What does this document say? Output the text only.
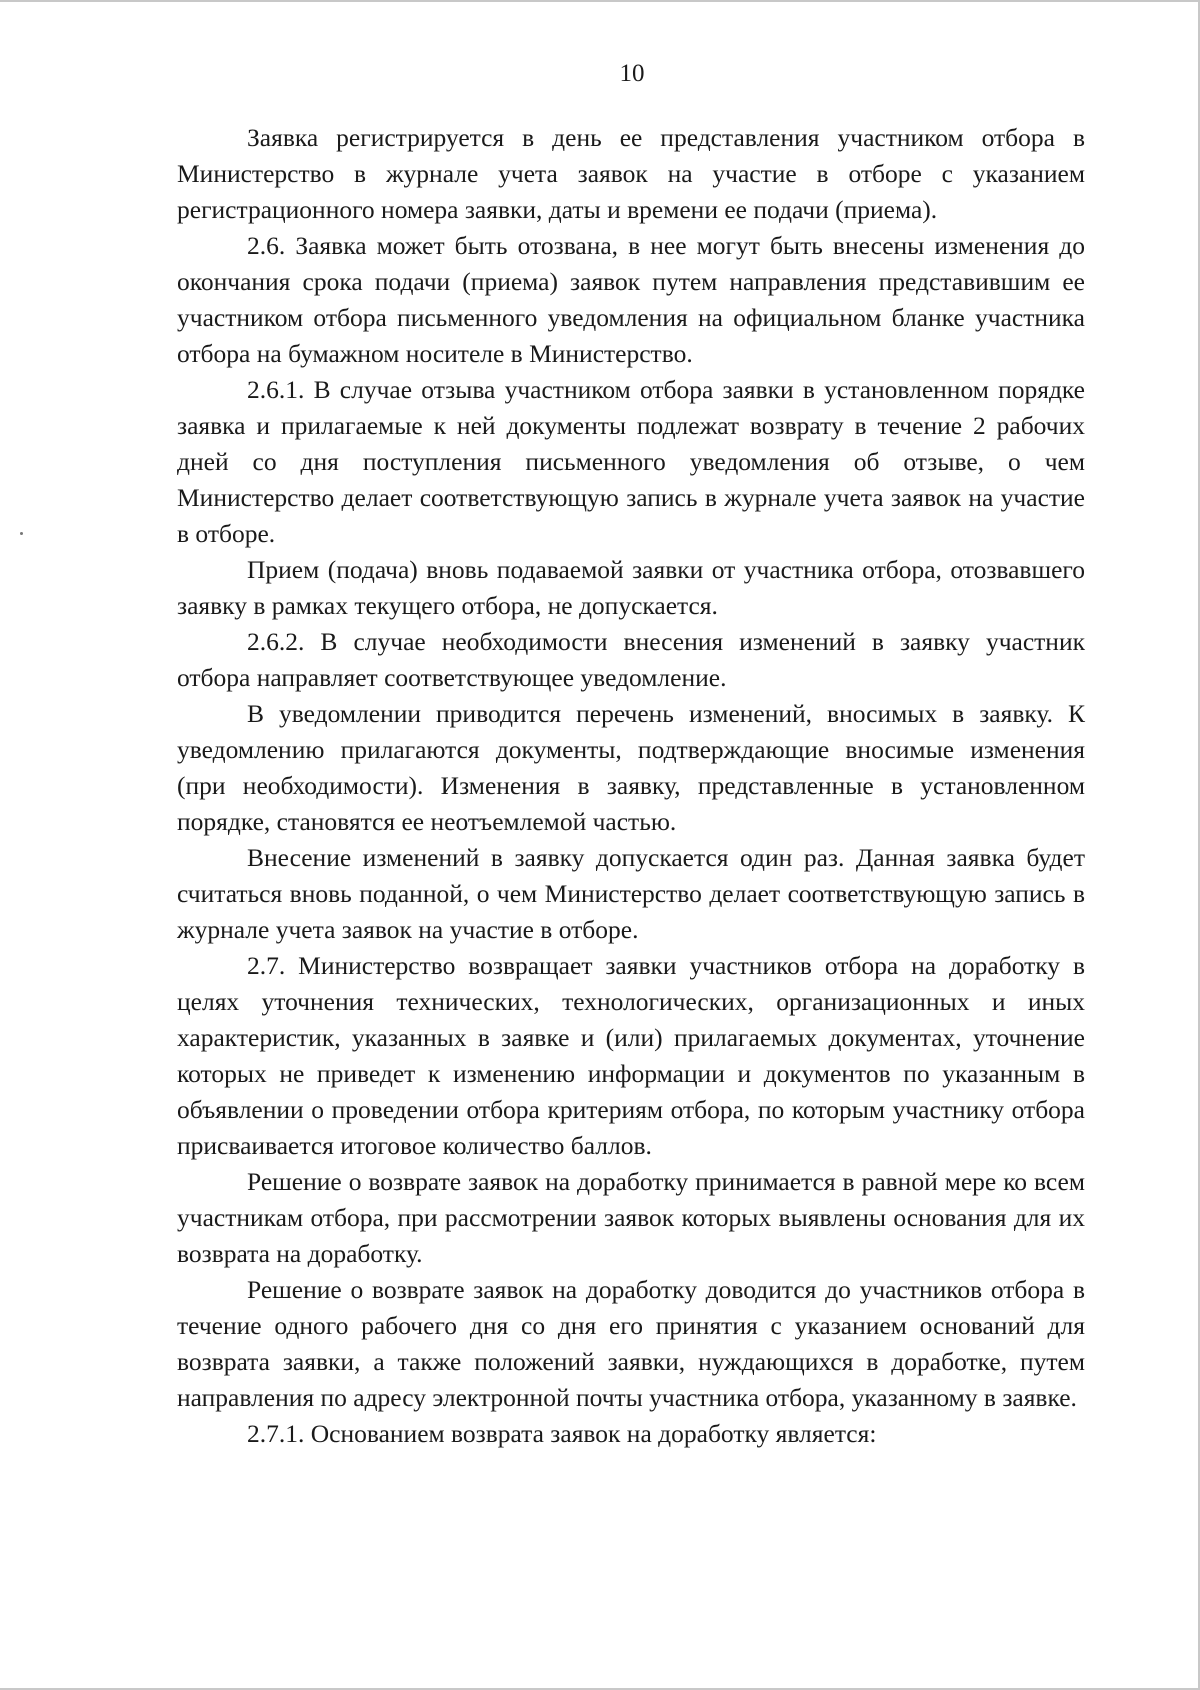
10

Заявка регистрируется в день ее представления участником отбора в Министерство в журнале учета заявок на участие в отборе с указанием регистрационного номера заявки, даты и времени ее подачи (приема).

2.6. Заявка может быть отозвана, в нее могут быть внесены изменения до окончания срока подачи (приема) заявок путем направления представившим ее участником отбора письменного уведомления на официальном бланке участника отбора на бумажном носителе в Министерство.

2.6.1. В случае отзыва участником отбора заявки в установленном порядке заявка и прилагаемые к ней документы подлежат возврату в течение 2 рабочих дней со дня поступления письменного уведомления об отзыве, о чем Министерство делает соответствующую запись в журнале учета заявок на участие в отборе.

Прием (подача) вновь подаваемой заявки от участника отбора, отозвавшего заявку в рамках текущего отбора, не допускается.

2.6.2. В случае необходимости внесения изменений в заявку участник отбора направляет соответствующее уведомление.

В уведомлении приводится перечень изменений, вносимых в заявку. К уведомлению прилагаются документы, подтверждающие вносимые изменения (при необходимости). Изменения в заявку, представленные в установленном порядке, становятся ее неотъемлемой частью.

Внесение изменений в заявку допускается один раз. Данная заявка будет считаться вновь поданной, о чем Министерство делает соответствующую запись в журнале учета заявок на участие в отборе.

2.7. Министерство возвращает заявки участников отбора на доработку в целях уточнения технических, технологических, организационных и иных характеристик, указанных в заявке и (или) прилагаемых документах, уточнение которых не приведет к изменению информации и документов по указанным в объявлении о проведении отбора критериям отбора, по которым участнику отбора присваивается итоговое количество баллов.

Решение о возврате заявок на доработку принимается в равной мере ко всем участникам отбора, при рассмотрении заявок которых выявлены основания для их возврата на доработку.

Решение о возврате заявок на доработку доводится до участников отбора в течение одного рабочего дня со дня его принятия с указанием оснований для возврата заявки, а также положений заявки, нуждающихся в доработке, путем направления по адресу электронной почты участника отбора, указанному в заявке.

2.7.1. Основанием возврата заявок на доработку является:
